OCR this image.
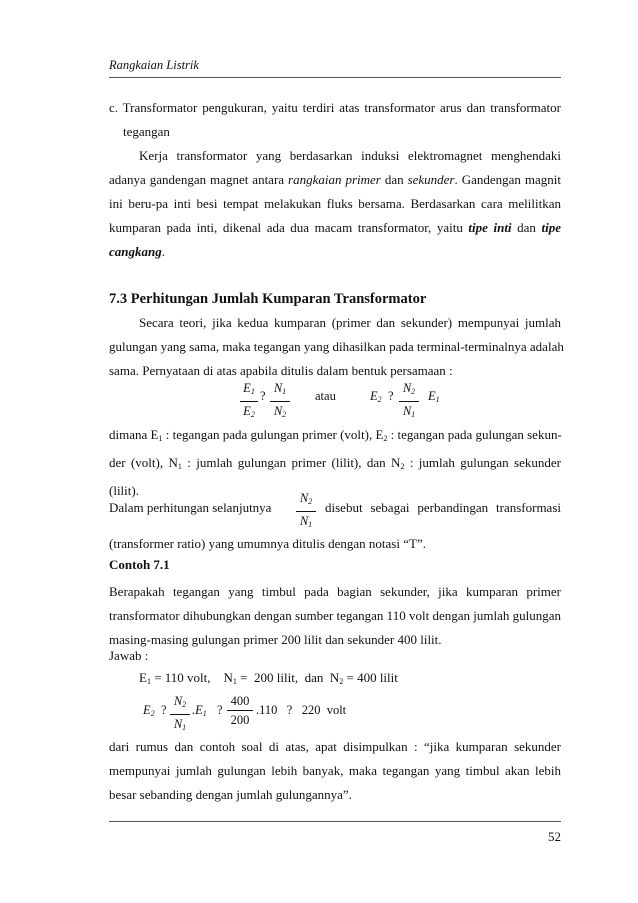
Rangkaian Listrik
c. Transformator pengukuran, yaitu terdiri atas transformator arus dan transformator
tegangan
Kerja transformator yang berdasarkan induksi elektromagnet menghendaki
adanya gandengan magnet antara rangkaian primer dan sekunder. Gandengan magnit
ini beru-pa inti besi tempat melakukan fluks bersama. Berdasarkan cara melilitkan
kumparan pada inti, dikenal ada dua macam transformator, yaitu tipe inti dan tipe
cangkang.
7.3 Perhitungan Jumlah Kumparan Transformator
Secara teori, jika kedua kumparan (primer dan sekunder) mempunyai jumlah
gulungan yang sama, maka tegangan yang dihasilkan pada terminal-terminalnya adalah
sama. Pernyataan di atas apabila ditulis dalam bentuk persamaan :
$E_1$
$E_2$
?
$N_1$
$N_2$
atau	$E_2$ ?
$N_2$
$N_1$
$E_1$
dimana $E_1$ : tegangan pada gulungan primer (volt), $E_2$ : tegangan pada gulungan sekun-
der (volt), $N_1$ : jumlah gulungan primer (lilit), dan $N_2$ : jumlah gulungan sekunder
(lilit).
Dalam perhitungan selanjutnya
$N_2$
$N_1$
disebut sebagai perbandingan transformasi
(transformer ratio) yang umumnya ditulis dengan notasi “T”.
Contoh 7.1
Berapakah tegangan yang timbul pada bagian sekunder, jika kumparan primer
transformator dihubungkan dengan sumber tegangan 110 volt dengan jumlah gulungan
masing-masing gulungan primer 200 lilit dan sekunder 400 lilit.
Jawab :
$E_1 = 110$ volt,    $N_1 = 200$ lilit,  dan  $N_2 = 400$ lilit
$E_2$ ?
$N_2$
$N_1$
$.E_1$ ?
400
200
.110   ?   220  volt
dari rumus dan contoh soal di atas, apat disimpulkan : “jika kumparan sekunder
mempunyai jumlah gulungan lebih banyak, maka tegangan yang timbul akan lebih
besar sebanding dengan jumlah gulungannya”.
52
